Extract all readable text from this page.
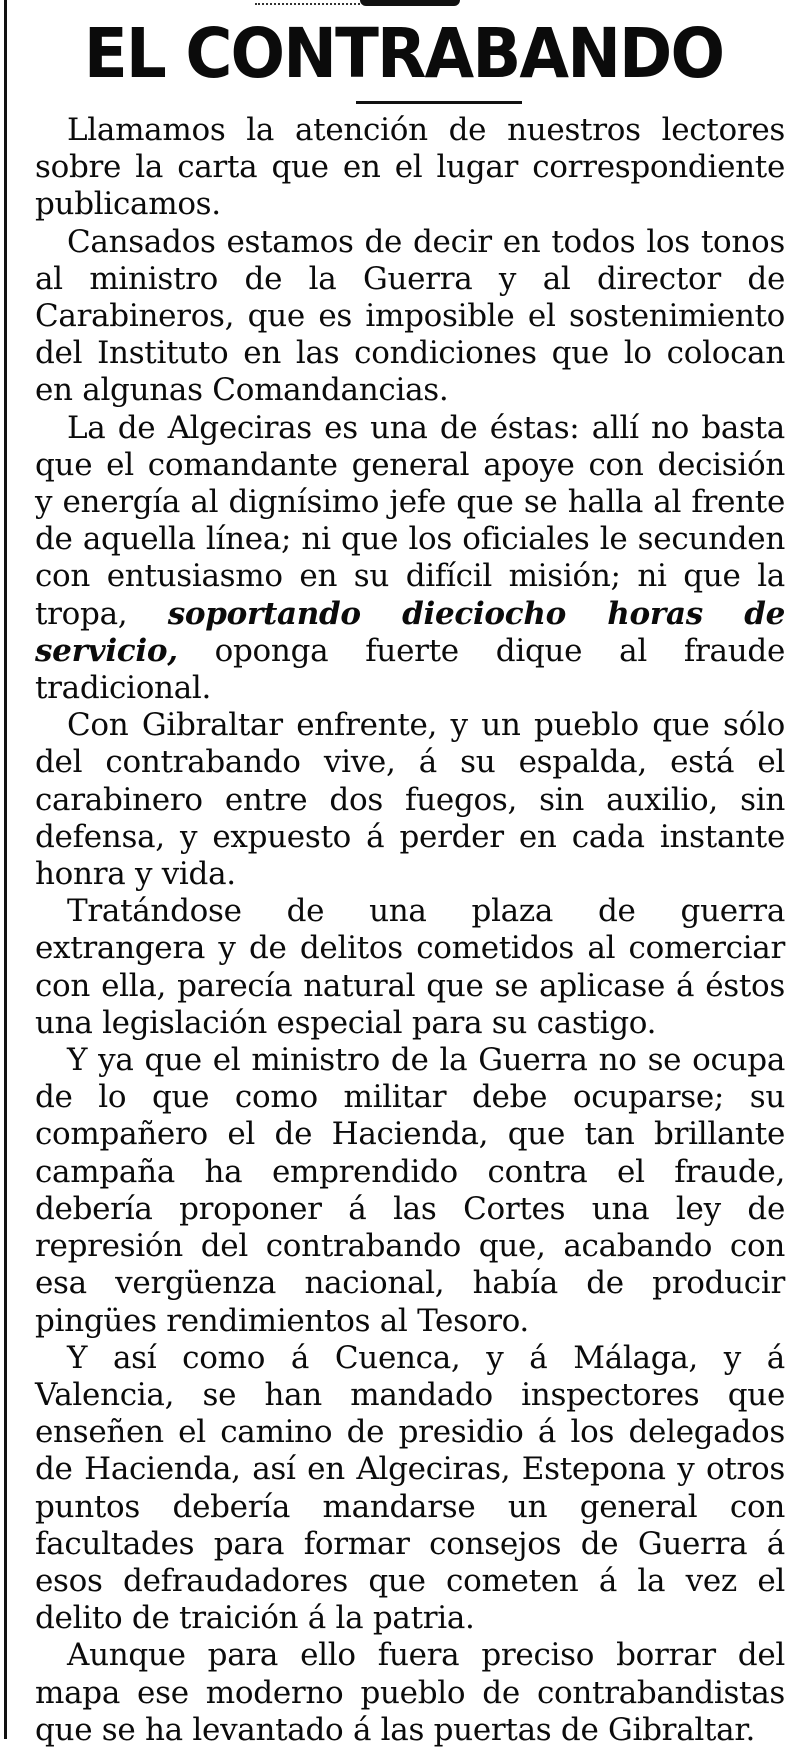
EL CONTRABANDO

Llamamos la atención de nuestros lectores sobre la carta que en el lugar correspondiente publicamos.

Cansados estamos de decir en todos los tonos al ministro de la Guerra y al director de Carabineros, que es imposible el sostenimiento del Instituto en las condiciones que lo colocan en algunas Comandancias.

La de Algeciras es una de éstas: allí no basta que el comandante general apoye con decisión y energía al dignísimo jefe que se halla al frente de aquella línea; ni que los oficiales le secunden con entusiasmo en su difícil misión; ni que la tropa, soportando dieciocho horas de servicio, oponga fuerte dique al fraude tradicional.

Con Gibraltar enfrente, y un pueblo que sólo del contrabando vive, á su espalda, está el carabinero entre dos fuegos, sin auxilio, sin defensa, y expuesto á perder en cada instante honra y vida.

Tratándose de una plaza de guerra extrangera y de delitos cometidos al comerciar con ella, parecía natural que se aplicase á éstos una legislación especial para su castigo.

Y ya que el ministro de la Guerra no se ocupa de lo que como militar debe ocuparse; su compañero el de Hacienda, que tan brillante campaña ha emprendido contra el fraude, debería proponer á las Cortes una ley de represión del contrabando que, acabando con esa vergüenza nacional, había de producir pingües rendimientos al Tesoro.

Y así como á Cuenca, y á Málaga, y á Valencia, se han mandado inspectores que enseñen el camino de presidio á los delegados de Hacienda, así en Algeciras, Estepona y otros puntos debería mandarse un general con facultades para formar consejos de Guerra á esos defraudadores que cometen á la vez el delito de traición á la patria.

Aunque para ello fuera preciso borrar del mapa ese moderno pueblo de contrabandistas que se ha levantado á las puertas de Gibraltar.
